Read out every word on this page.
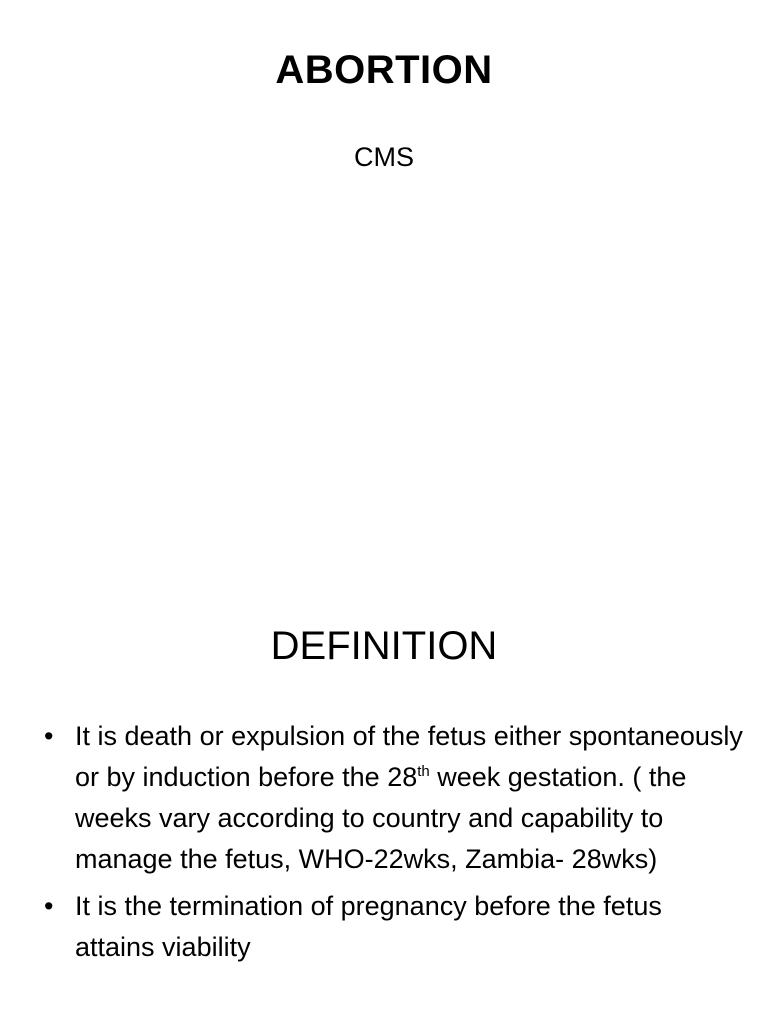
ABORTION
CMS
DEFINITION
• It is death or expulsion of the fetus either spontaneously or by induction before the 28th week gestation. ( the weeks vary according to country and capability to manage the fetus, WHO-22wks, Zambia- 28wks)
• It is the termination of pregnancy before the fetus attains viability
